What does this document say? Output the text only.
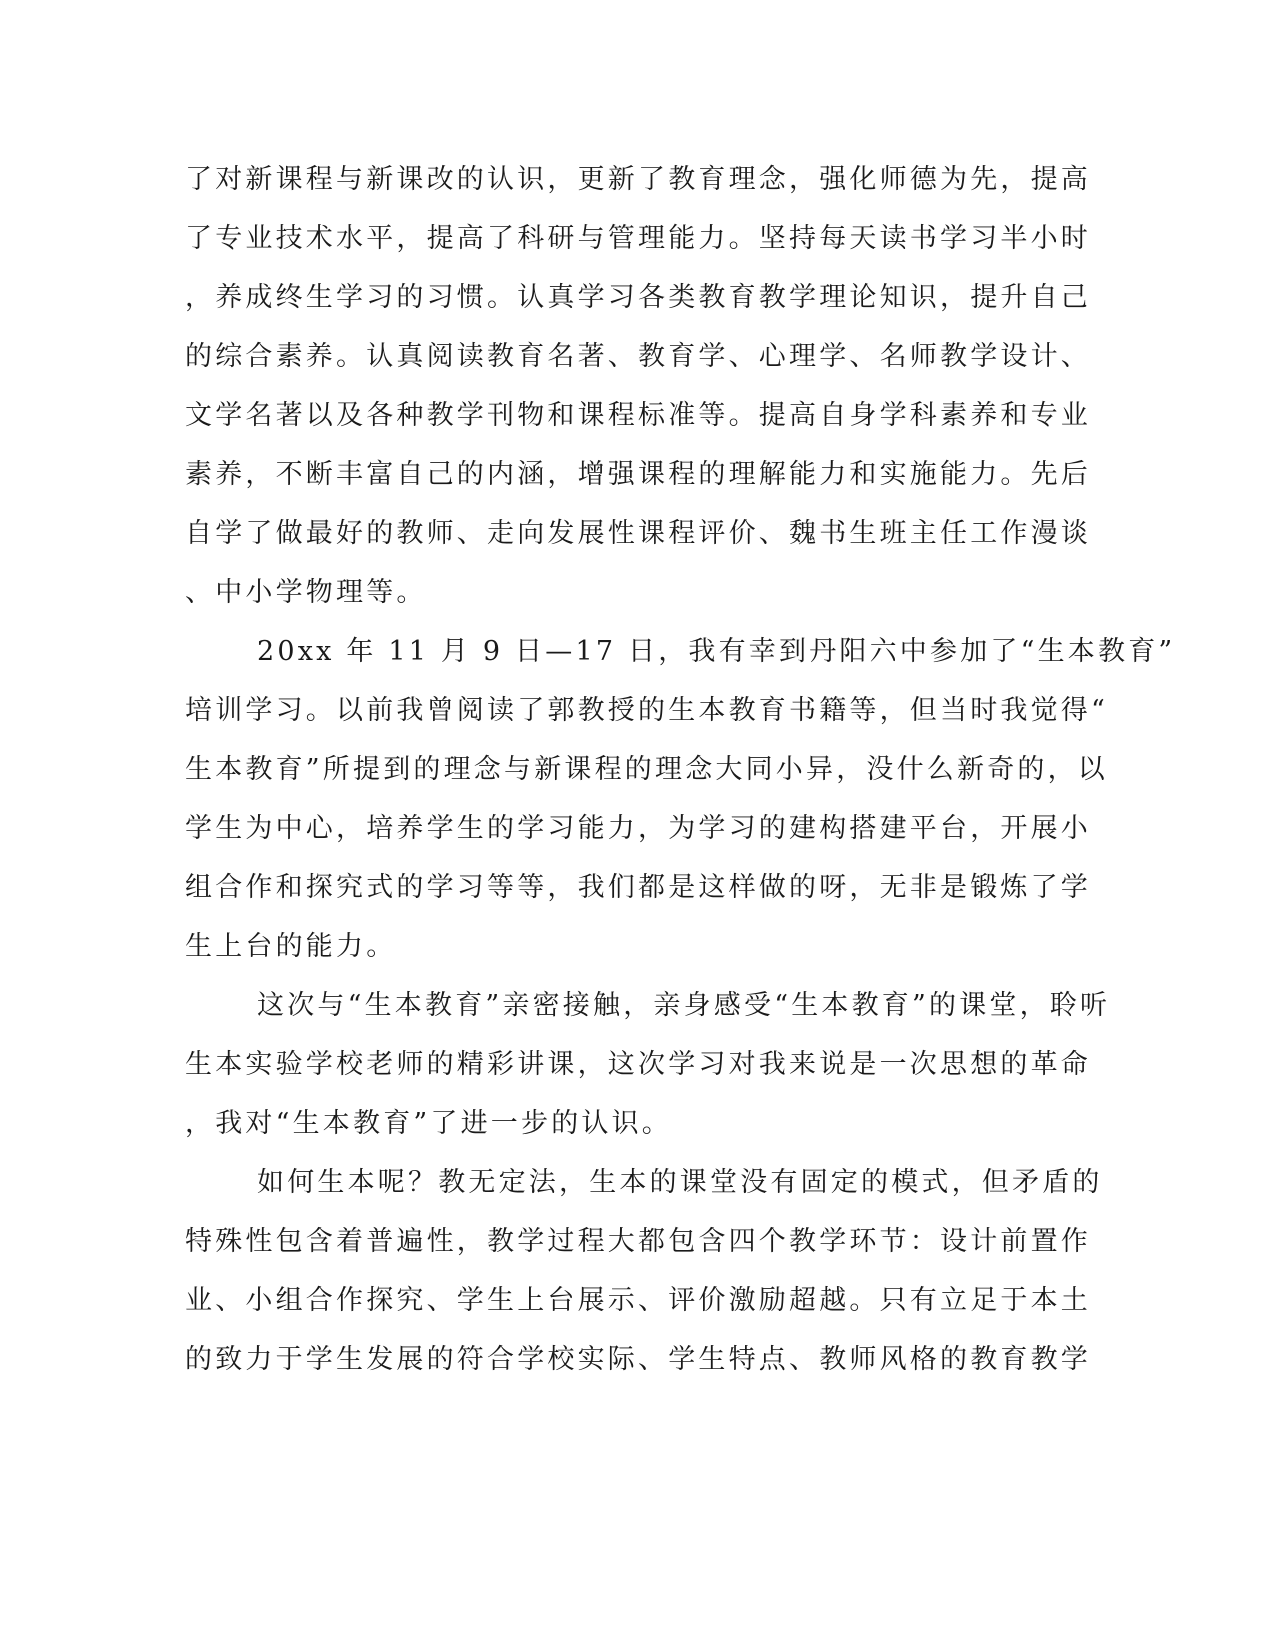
了对新课程与新课改的认识，更新了教育理念，强化师德为先，提高
了专业技术水平，提高了科研与管理能力。坚持每天读书学习半小时
，养成终生学习的习惯。认真学习各类教育教学理论知识，提升自己
的综合素养。认真阅读教育名著、教育学、心理学、名师教学设计、
文学名著以及各种教学刊物和课程标准等。提高自身学科素养和专业
素养，不断丰富自己的内涵，增强课程的理解能力和实施能力。先后
自学了做最好的教师、走向发展性课程评价、魏书生班主任工作漫谈
、中小学物理等。
20xx 年 11 月 9 日—17 日，我有幸到丹阳六中参加了“生本教育”
培训学习。以前我曾阅读了郭教授的生本教育书籍等，但当时我觉得“
生本教育”所提到的理念与新课程的理念大同小异，没什么新奇的，以
学生为中心，培养学生的学习能力，为学习的建构搭建平台，开展小
组合作和探究式的学习等等，我们都是这样做的呀，无非是锻炼了学
生上台的能力。
这次与“生本教育”亲密接触，亲身感受“生本教育”的课堂，聆听
生本实验学校老师的精彩讲课，这次学习对我来说是一次思想的革命
，我对“生本教育”了进一步的认识。
如何生本呢？教无定法，生本的课堂没有固定的模式，但矛盾的
特殊性包含着普遍性，教学过程大都包含四个教学环节：设计前置作
业、小组合作探究、学生上台展示、评价激励超越。只有立足于本土
的致力于学生发展的符合学校实际、学生特点、教师风格的教育教学
